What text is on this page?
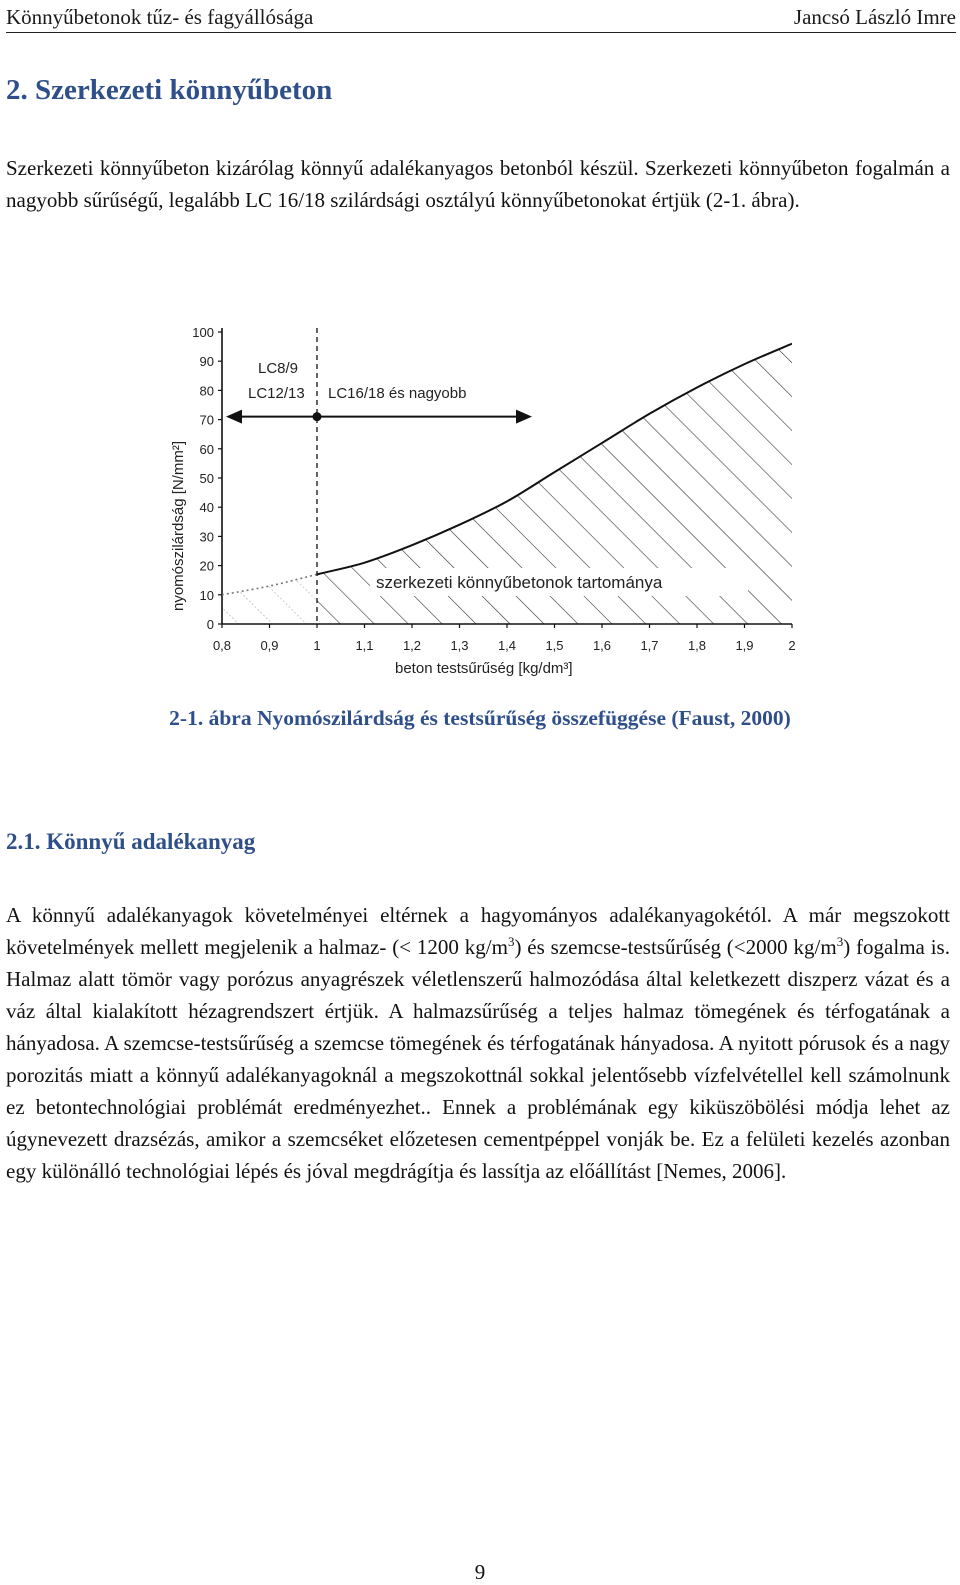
Könnyűbetonok tűz- és fagyállósága	Jancsó László Imre
2. Szerkezeti könnyűbeton

Szerkezeti könnyűbeton kizárólag könnyű adalékanyagos betonból készül. Szerkezeti könnyűbeton fogalmán a nagyobb sűrűségű, legalább LC 16/18 szilárdsági osztályú könnyűbetonokat értjük (2-1. ábra).

0
10
20
30
40
50
60
70
80
90
100
0,8 0,9	1	1,1 1,2 1,3 1,4 1,5 1,6 1,7 1,8 1,9	2
LC8/9
LC12/13 LC16/18 és nagyobb
szerkezeti könnyűbetonok tartománya
beton testsűrűség [kg/dm³]
nyomószilárdság [N/mm²]
2-1. ábra Nyomószilárdság és testsűrűség összefüggése (Faust, 2000)
2.1. Könnyű adalékanyag

A könnyű adalékanyagok követelményei eltérnek a hagyományos adalékanyagokétól. A már megszokott követelmények mellett megjelenik a halmaz- (< 1200 $kg/m^3$) és szemcse-testsűrűség (<2000 $kg/m^3$) fogalma is. Halmaz alatt tömör vagy porózus anyagrészek véletlenszerű halmozódása által keletkezett diszperz vázat és a váz által kialakított hézagrendszert értjük. A halmazsűrűség a teljes halmaz tömegének és térfogatának a hányadosa. A szemcse-testsűrűség a szemcse tömegének és térfogatának hányadosa. A nyitott pórusok és a nagy porozitás miatt a könnyű adalékanyagoknál a megszokottnál sokkal jelentősebb vízfelvétellel kell számolnunk ez betontechnológiai problémát eredményezhet.. Ennek a problémának egy kiküszöbölési módja lehet az úgynevezett drazsézás, amikor a szemcséket előzetesen cementpéppel vonják be. Ez a felületi kezelés azonban egy különálló technológiai lépés és jóval megdrágítja és lassítja az előállítást [Nemes, 2006].

9
